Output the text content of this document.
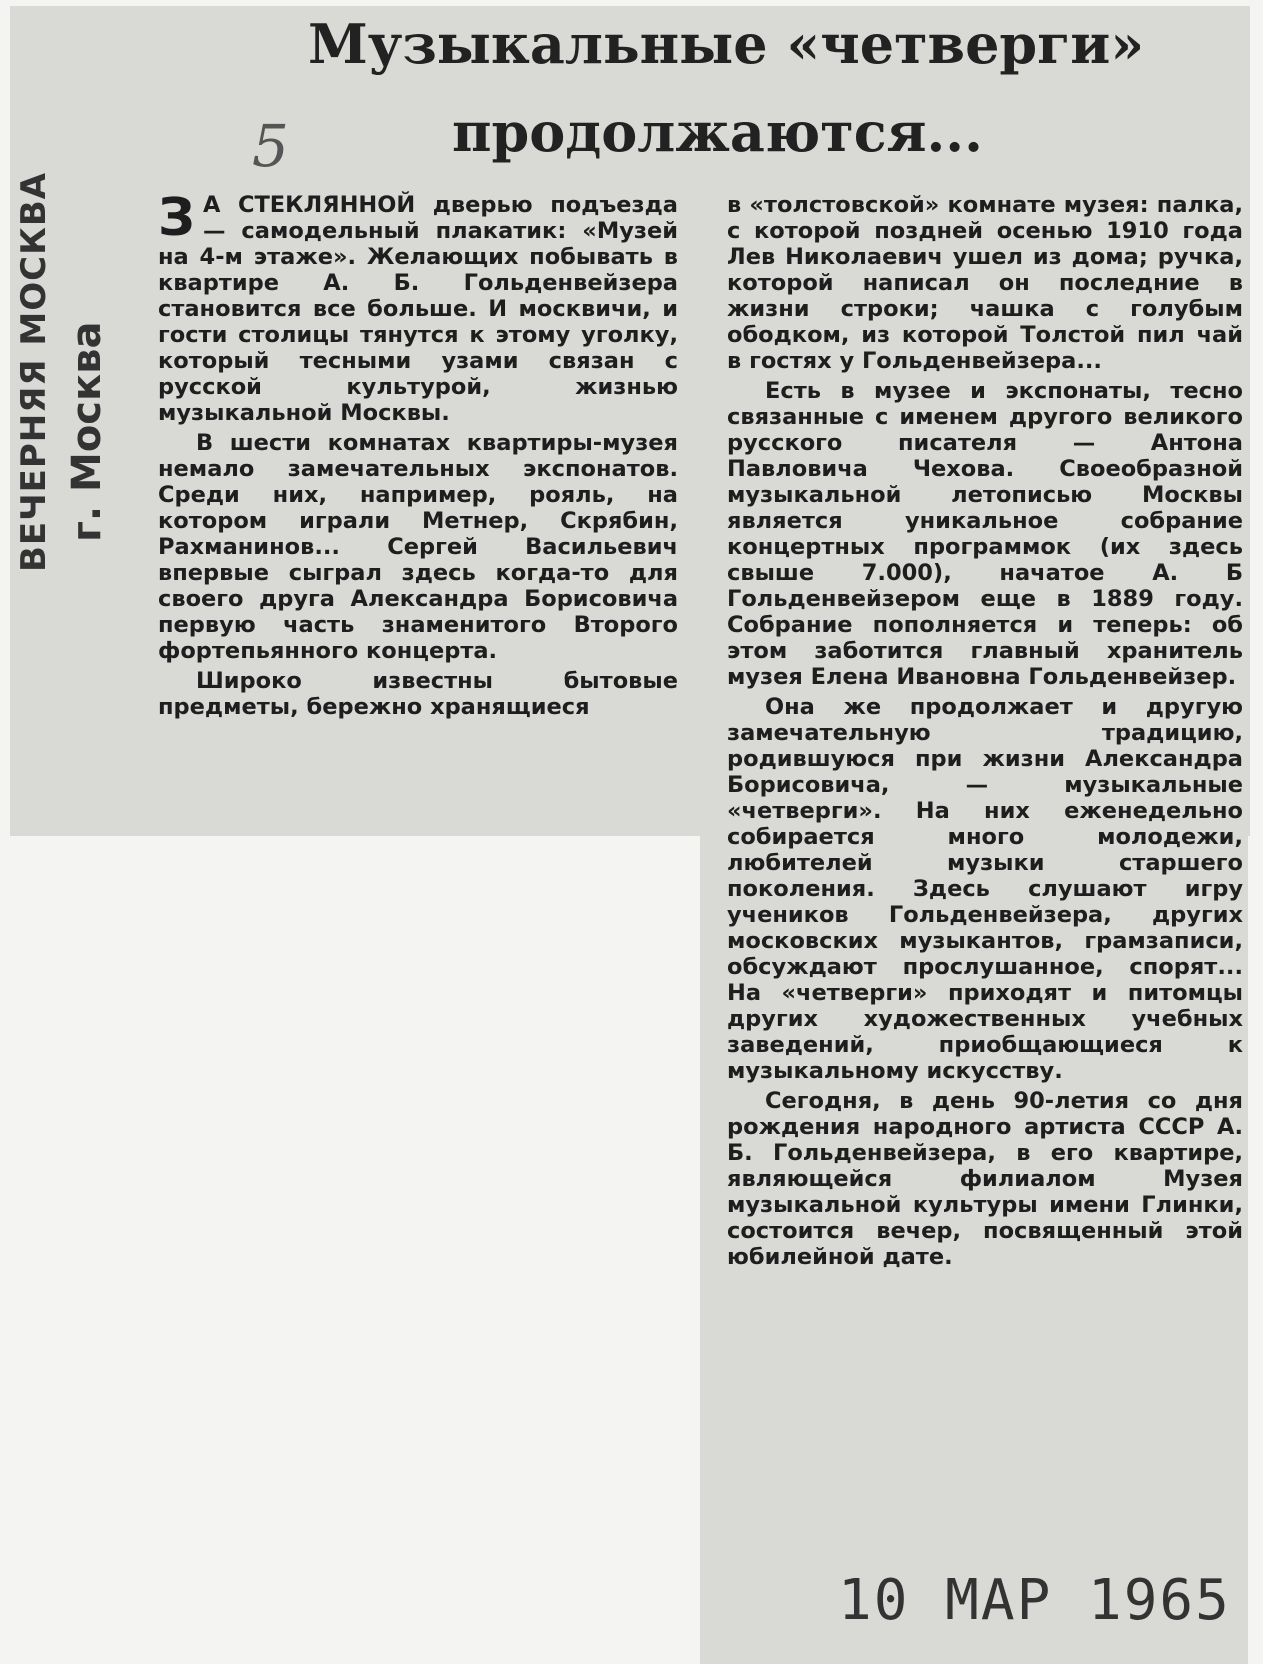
Музыкальные «четверги»
5	продолжаются...
ВЕЧЕРНЯЯ МОСКВА г. Москва

З А СТЕКЛЯННОЙ дверью подъезда — самодельный плакатик: «Музей на 4-м этаже». Желающих побывать в квартире А. Б. Гольденвейзера становится все больше. И москвичи, и гости столицы тянутся к этому уголку, который тесными узами связан с русской культурой, жизнью музыкальной Москвы.

В шести комнатах квартиры-музея немало замечательных экспонатов. Среди них, например, рояль, на котором играли Метнер, Скрябин, Рахманинов... Сергей Васильевич впервые сыграл здесь когда-то для своего друга Александра Борисовича первую часть знаменитого Второго фортепьянного концерта.

Широко известны бытовые предметы, бережно хранящиеся

в «толстовской» комнате музея: палка, с которой поздней осенью 1910 года Лев Николаевич ушел из дома; ручка, которой написал он последние в жизни строки; чашка с голубым ободком, из которой Толстой пил чай в гостях у Гольденвейзера...

Есть в музее и экспонаты, тесно связанные с именем другого великого русского писателя — Антона Павловича Чехова. Своеобразной музыкальной летописью Москвы является уникальное собрание концертных программок (их здесь свыше 7.000), начатое А. Б Гольденвейзером еще в 1889 году. Собрание пополняется и теперь: об этом заботится главный хранитель музея Елена Ивановна Гольденвейзер.

Она же продолжает и другую замечательную традицию, родившуюся при жизни Александра Борисовича, — музыкальные «четверги». На них еженедельно собирается много молодежи, любителей музыки старшего поколения. Здесь слушают игру учеников Гольденвейзера, других московских музыкантов, грамзаписи, обсуждают прослушанное, спорят... На «четверги» приходят и питомцы других художественных учебных заведений, приобщающиеся к музыкальному искусству.

Сегодня, в день 90-летия со дня рождения народного артиста СССР А. Б. Гольденвейзера, в его квартире, являющейся филиалом Музея музыкальной культуры имени Глинки, состоится вечер, посвященный этой юбилейной дате.

10 МАР 1965
